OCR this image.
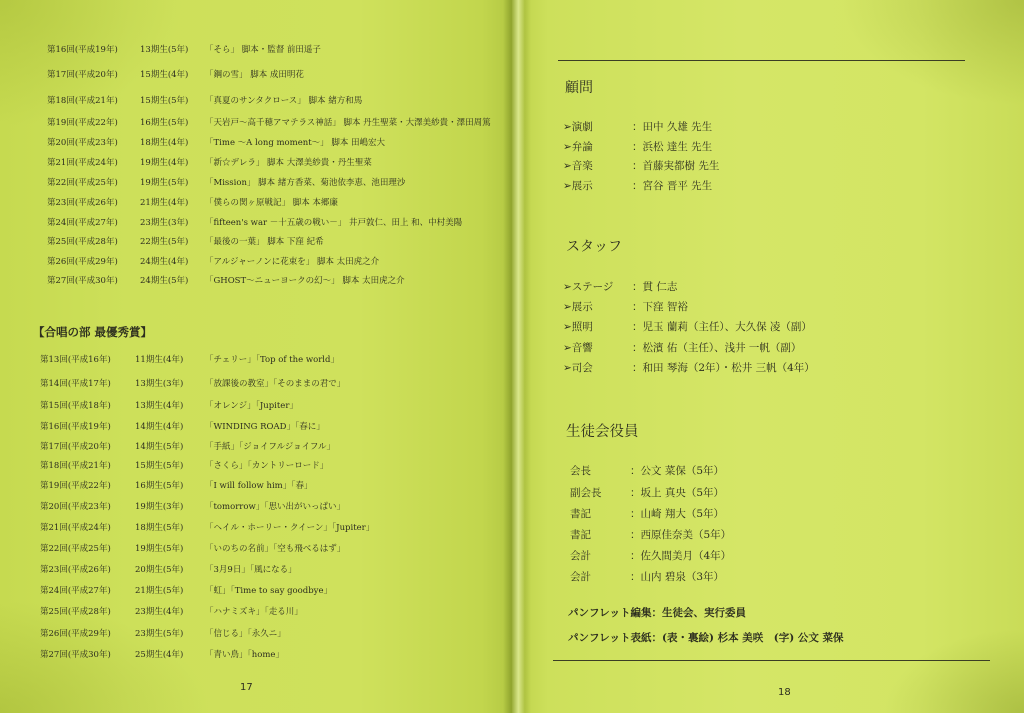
第16回(平成19年)	13期生(5年) 「そら」 脚本・監督 前田遥子
第17回(平成20年)	15期生(4年) 「鋼の雪」 脚本 成田明花
第18回(平成21年)	15期生(5年) 「真夏のサンタクロース」 脚本 緒方和馬
第19回(平成22年)	16期生(5年) 「天岩戸～高千穂アマテラス神話」 脚本 丹生聖菜・大澤美紗貴・澤田周篤
第20回(平成23年)	18期生(4年) 「Time ～A long moment～」 脚本 田嶋宏大
第21回(平成24年)	19期生(4年) 「新☆デレラ」 脚本 大澤美紗貴・丹生聖菜
第22回(平成25年)	19期生(5年) 「Mission」 脚本 緒方香菜、菊池依李恵、池田理沙
第23回(平成26年)	21期生(4年) 「僕らの関ヶ原戦記」 脚本 本郷廉
第24回(平成27年)	23期生(3年) 「fifteen's war －十五歳の戦い－」 井戸敦仁、田上 和、中村美陽
第25回(平成28年)	22期生(5年) 「最後の一葉」 脚本 下窪 紀希
第26回(平成29年)	24期生(4年) 「アルジャーノンに花束を」 脚本 太田虎之介
第27回(平成30年)	24期生(5年) 「GHOST～ニューヨークの幻～」 脚本 太田虎之介
【合唱の部 最優秀賞】
第13回(平成16年)	11期生(4年)	「チェリー」「Top of the world」
第14回(平成17年)	13期生(3年)	「放課後の教室」「そのままの君で」
第15回(平成18年)	13期生(4年)	「オレンジ」「Jupiter」
第16回(平成19年)	14期生(4年)	「WINDING ROAD」「春に」
第17回(平成20年)	14期生(5年)	「手紙」「ジョイフルジョイフル」
第18回(平成21年)	15期生(5年)	「さくら」「カントリーロード」
第19回(平成22年)	16期生(5年)	「I will follow him」「春」
第20回(平成23年)	19期生(3年)	「tomorrow」「思い出がいっぱい」
第21回(平成24年)	18期生(5年)	「ヘイル・ホーリー・クイーン」「Jupiter」
第22回(平成25年)	19期生(5年)	「いのちの名前」「空も飛べるはず」
第23回(平成26年)	20期生(5年)	「3月9日」「風になる」
第24回(平成27年)	21期生(5年)	「虹」「Time to say goodbye」
第25回(平成28年)	23期生(4年)	「ハナミズキ」「走る川」
第26回(平成29年)	23期生(5年)	「信じる」「永久ニ」
第27回(平成30年)	25期生(4年)	「青い鳥」「home」
17
顧問
➢演劇	：田中 久雄 先生
➢弁論	：浜松 達生 先生
➢音楽	：首藤実都樹 先生
➢展示	：宮谷 晋平 先生
スタッフ
➢ステージ ：貫 仁志
➢展示	：下窪 智裕
➢照明	：児玉 蘭莉（主任）、大久保 凌（副）
➢音響	：松濱 佑（主任）、浅井 一帆（副）
➢司会	：和田 琴海（2年）・松井 三帆（4年）
生徒会役員
会長	：公文 菜保（5年）
副会長	：坂上 真央（5年）
書記	：山崎 翔大（5年）
書記	：西原佳奈美（5年）
会計	：佐久間美月（4年）
会計	：山内 碧泉（3年）
パンフレット編集 ：生徒会、実行委員
パンフレット表紙 ：(表・裏絵) 杉本 美咲　(字) 公文 菜保
18
